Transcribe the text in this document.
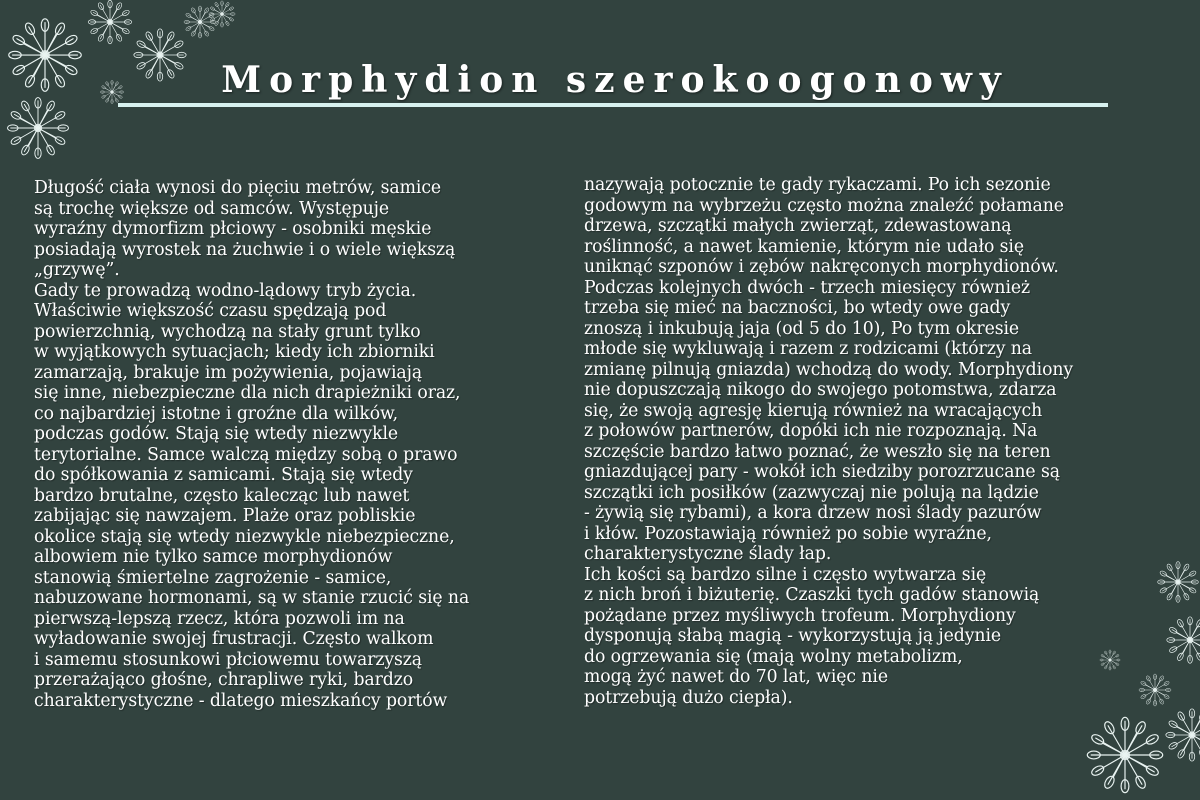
Morphydion szerokoogonowy
Długość ciała wynosi do pięciu metrów, samice
są trochę większe od samców. Występuje
wyraźny dymorfizm płciowy - osobniki męskie
posiadają wyrostek na żuchwie i o wiele większą
„grzywę”.
Gady te prowadzą wodno-lądowy tryb życia.
Właściwie większość czasu spędzają pod
powierzchnią, wychodzą na stały grunt tylko
w wyjątkowych sytuacjach; kiedy ich zbiorniki
zamarzają, brakuje im pożywienia, pojawiają
się inne, niebezpieczne dla nich drapieżniki oraz,
co najbardziej istotne i groźne dla wilków,
podczas godów. Stają się wtedy niezwykle
terytorialne. Samce walczą między sobą o prawo
do spółkowania z samicami. Stają się wtedy
bardzo brutalne, często kalecząc lub nawet
zabijając się nawzajem. Plaże oraz pobliskie
okolice stają się wtedy niezwykle niebezpieczne,
albowiem nie tylko samce morphydionów
stanowią śmiertelne zagrożenie - samice,
nabuzowane hormonami, są w stanie rzucić się na
pierwszą-lepszą rzecz, która pozwoli im na
wyładowanie swojej frustracji. Często walkom
i samemu stosunkowi płciowemu towarzyszą
przerażająco głośne, chrapliwe ryki, bardzo
charakterystyczne - dlatego mieszkańcy portów
nazywają potocznie te gady rykaczami. Po ich sezonie
godowym na wybrzeżu często można znaleźć połamane
drzewa, szczątki małych zwierząt, zdewastowaną
roślinność, a nawet kamienie, którym nie udało się
uniknąć szponów i zębów nakręconych morphydionów.
Podczas kolejnych dwóch - trzech miesięcy również
trzeba się mieć na baczności, bo wtedy owe gady
znoszą i inkubują jaja (od 5 do 10), Po tym okresie
młode się wykluwają i razem z rodzicami (którzy na
zmianę pilnują gniazda) wchodzą do wody. Morphydiony
nie dopuszczają nikogo do swojego potomstwa, zdarza
się, że swoją agresję kierują również na wracających
z połowów partnerów, dopóki ich nie rozpoznają. Na
szczęście bardzo łatwo poznać, że weszło się na teren
gniazdującej pary - wokół ich siedziby porozrzucane są
szczątki ich posiłków (zazwyczaj nie polują na lądzie
- żywią się rybami), a kora drzew nosi ślady pazurów
i kłów. Pozostawiają również po sobie wyraźne,
charakterystyczne ślady łap.
Ich kości są bardzo silne i często wytwarza się
z nich broń i biżuterię. Czaszki tych gadów stanowią
pożądane przez myśliwych trofeum. Morphydiony
dysponują słabą magią - wykorzystują ją jedynie
do ogrzewania się (mają wolny metabolizm,
mogą żyć nawet do 70 lat, więc nie
potrzebują dużo ciepła).
